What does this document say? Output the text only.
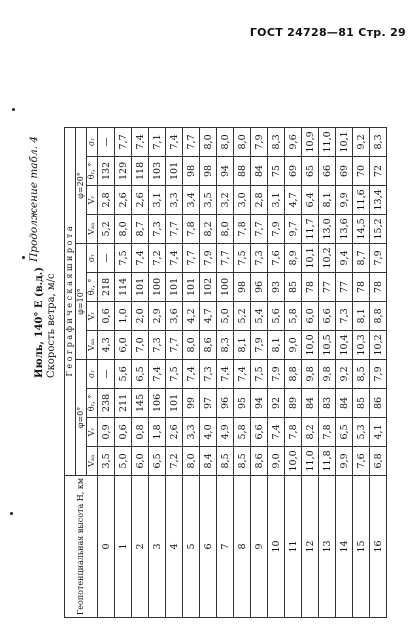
ГОСТ 24728—81 Стр. 29
Продолжение табл. 4
Июль, 140° Е (в.д.) Скорость ветра, м/с
Геопотенциальная высота H, км	Г е о г р а ф и ч е с к а я ш и р о т а											
	φ=0°				φ=10°				φ=20°			
	V̄ₐₐ	V̄ᵣ	θᵣ, °	σᵣ	V̄ₐₐ	V̄ᵣ	θᵣ, °	σᵣ	V̄ₐₐ	V̄ᵣ	θᵣ, °	σᵣ
0	3,5	0,9	238	—	4,3	0,6	218	—	5,2	2,8	132	—
1	5,0	0,6	211	5,6	6,0	1,0	114	7,5	8,0	2,6	129	7,7
2	6,0	0,8	145	6,5	7,0	2,0	101	7,4	8,7	2,6	118	7,4
3	6,5	1,8	106	7,4	7,3	2,9	100	7,2	7,3	3,1	103	7,1
4	7,2	2,6	101	7,5	7,7	3,6	101	7,4	7,7	3,3	101	7,4
5	8,0	3,3	99	7,4	8,0	4,2	101	7,7	7,8	3,4	98	7,7
6	8,4	4,0	97	7,3	8,6	4,7	102	7,9	8,2	3,5	98	8,0
7	8,5	4,9	96	7,4	8,3	5,0	100	7,7	8,0	3,2	94	8,0
8	8,5	5,8	95	7,4	8,1	5,2	98	7,5	7,8	3,0	88	8,0
9	8,6	6,6	94	7,5	7,9	5,4	96	7,3	7,7	2,8	84	7,9
10	9,0	7,4	92	7,9	8,1	5,6	93	7,6	7,9	3,1	75	8,3
11	10,0	7,8	89	8,8	9,0	5,8	85	8,9	9,7	4,7	69	9,6
12	11,0	8,2	84	9,8	10,0	6,0	78	10,1	11,7	6,4	65	10,9
13	11,8	7,8	83	9,8	10,5	6,6	77	10,2	13,0	8,1	66	11,0
14	9,9	6,5	84	9,2	10,4	7,3	77	9,4	13,6	9,9	69	10,1
15	7,6	5,3	85	8,5	10,3	8,1	78	8,7	14,5	11,6	70	9,2
16	6,8	4,1	86	7,9	10,2	8,8	78	7,9	15,2	13,4	72	8,3
